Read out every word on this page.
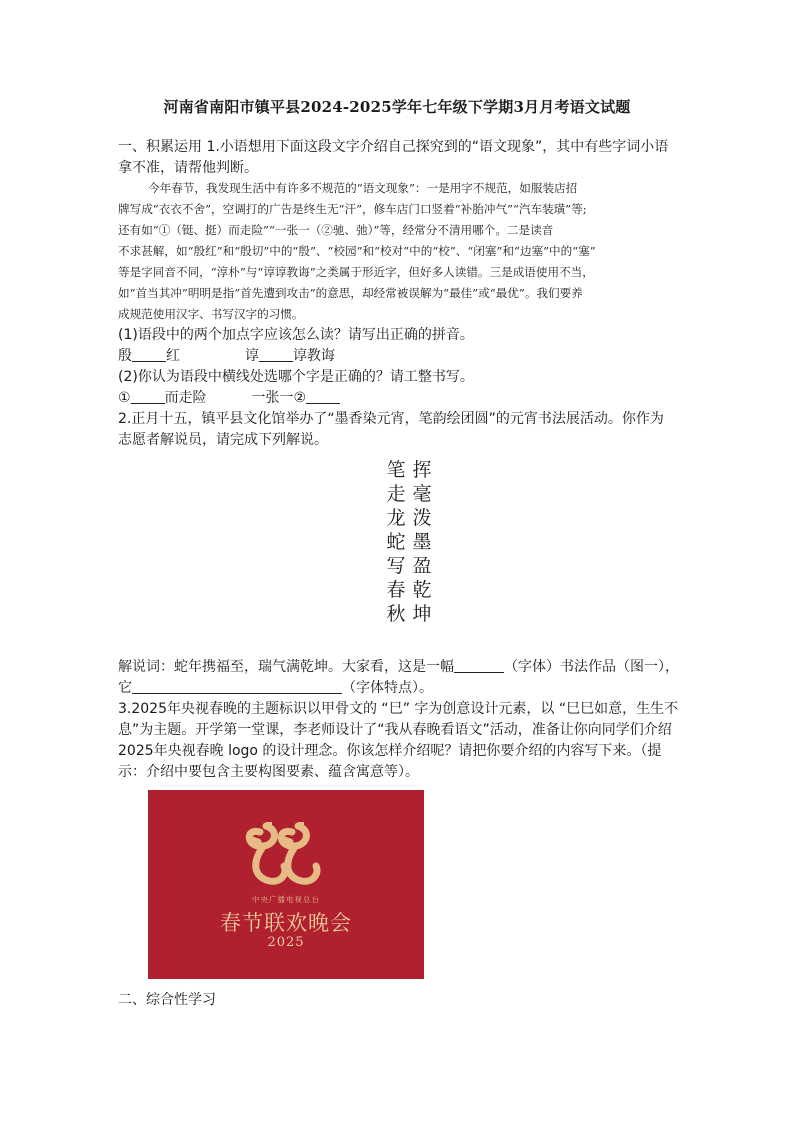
河南省南阳市镇平县2024-2025学年七年级下学期3月月考语文试题
一、积累运用 1.小语想用下面这段文字介绍自己探究到的“语文现象”，其中有些字词小语
拿不准，请帮他判断。
今年春节，我发现生活中有许多不规范的“语文现象”：一是用字不规范，如服装店招
牌写成“衣衣不舍”，空调打的广告是终生无“汗”，修车店门口竖着“补胎冲气”“汽车装璜”等;
还有如“①（铤、挺）而走险”“一张一（②驰、弛）”等，经常分不清用哪个。二是读音
不求甚解，如“殷红”和“殷切”中的“殷”、“校园”和“校对”中的“校”、“闭塞”和“边塞”中的“塞”
等是字同音不同，“淳朴”与“谆谆教诲”之类属于形近字，但好多人读错。三是成语使用不当，
如“首当其冲”明明是指“首先遭到攻击”的意思，却经常被误解为“最佳”或“最优”。我们要养
成规范使用汉字、书写汉字的习惯。
(1)语段中的两个加点字应该怎么读？请写出正确的拼音。
殷 红	谆 谆教诲
(2)你认为语段中横线处选哪个字是正确的？请工整书写。
① 而走险	一张一②
2.正月十五，镇平县文化馆举办了“墨香染元宵，笔韵绘团圆”的元宵书法展活动。你作为
志愿者解说员，请完成下列解说。
挥
毫
泼
墨
盈
乾
坤
笔
走
龙
蛇
写
春
秋
解说词：蛇年携福至，瑞气满乾坤。大家看，这是一幅	（字体）书法作品（图一），
它	（字体特点）。
3.2025年央视春晚的主题标识以甲骨文的 “巳” 字为创意设计元素，以 “巳巳如意，生生不
息”为主题。开学第一堂课，李老师设计了“我从春晚看语文”活动，准备让你向同学们介绍
2025年央视春晚 logo 的设计理念。你该怎样介绍呢？请把你要介绍的内容写下来。（提
示：介绍中要包含主要构图要素、蕴含寓意等）。
中央广播电视总台
春节联欢晚会
2025
二、综合性学习
